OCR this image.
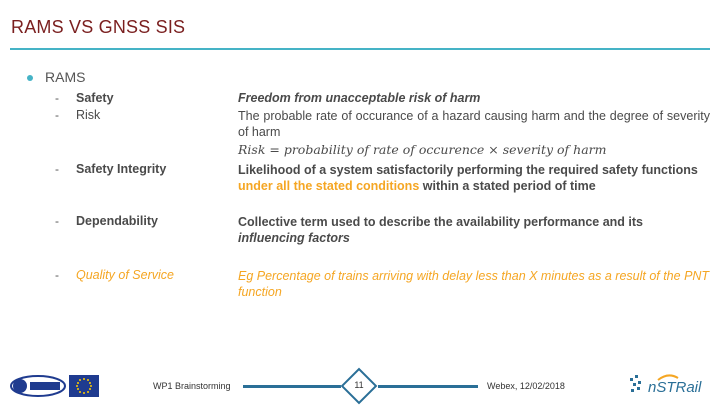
RAMS VS GNSS SIS
RAMS
- Safety	Freedom from unacceptable risk of harm
- Risk	The probable rate of occurance of a hazard causing harm and the degree of severity of harm
Risk = probability of rate of occurence × severity of harm
- Safety Integrity	Likelihood of a system satisfactorily performing the required safety functions under all the stated conditions within a stated period of time
- Dependability	Collective term used to describe the availability performance and its influencing factors
- Quality of Service	Eg Percentage of trains arriving with delay less than X minutes as a result of the PNT function
WP1 Brainstorming	11	Webex, 12/02/2018	nSTRail
